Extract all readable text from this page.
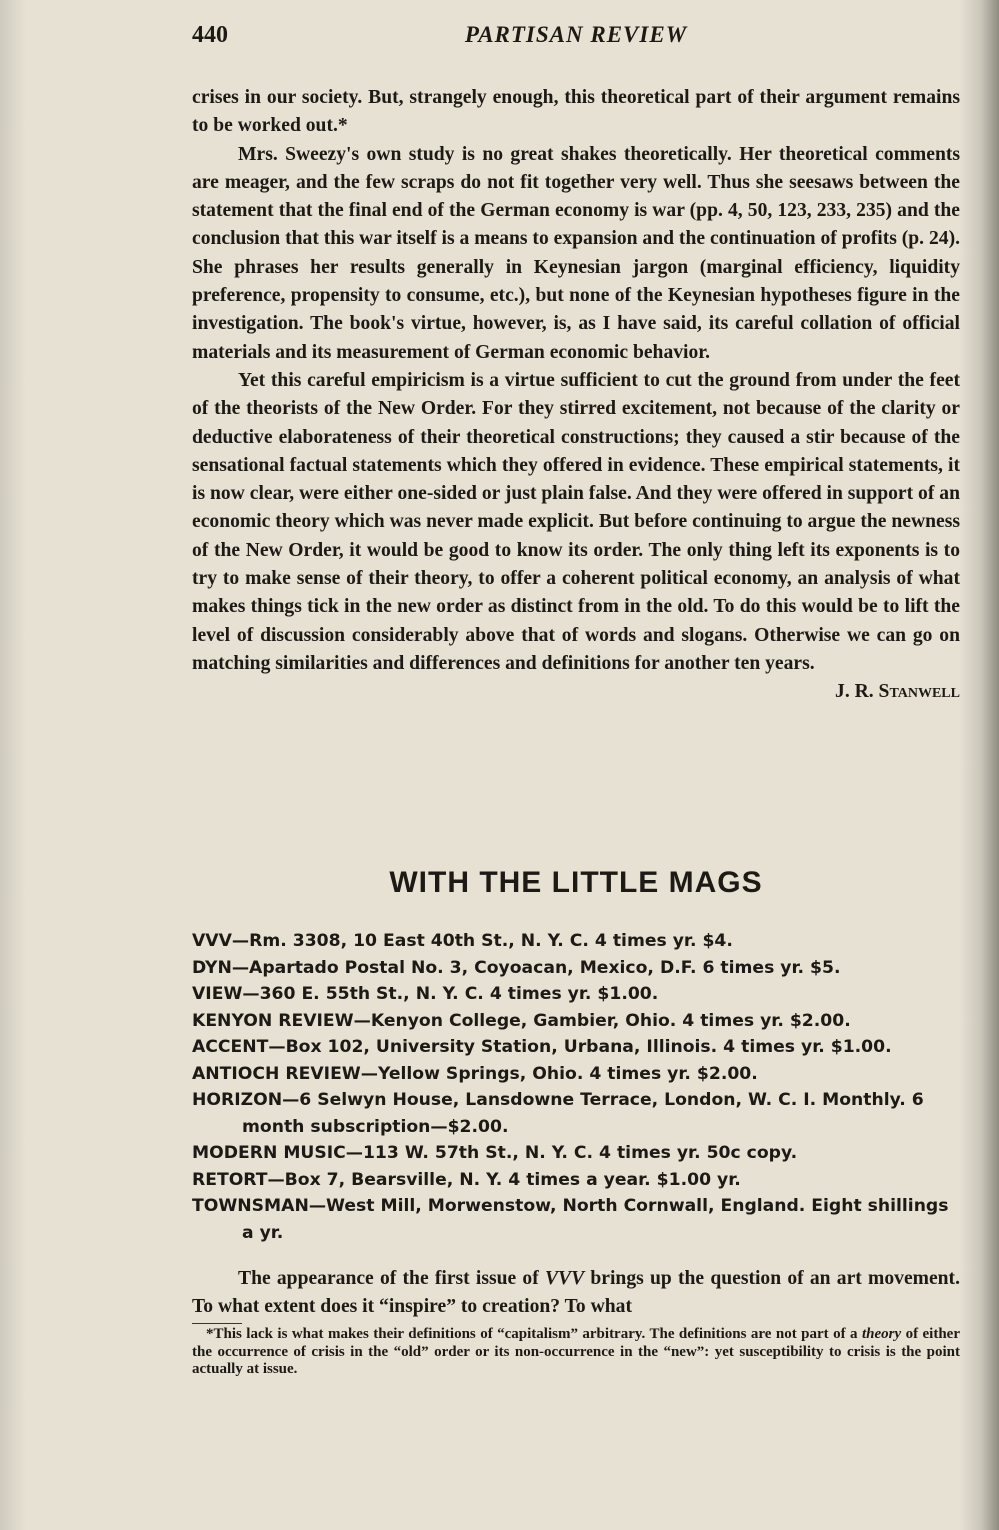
440	PARTISAN REVIEW

crises in our society. But, strangely enough, this theoretical part of their argument remains to be worked out.*

Mrs. Sweezy's own study is no great shakes theoretically. Her theoretical comments are meager, and the few scraps do not fit together very well. Thus she seesaws between the statement that the final end of the German economy is war (pp. 4, 50, 123, 233, 235) and the conclusion that this war itself is a means to expansion and the continuation of profits (p. 24). She phrases her results generally in Keynesian jargon (marginal efficiency, liquidity preference, propensity to consume, etc.), but none of the Keynesian hypotheses figure in the investigation. The book's virtue, however, is, as I have said, its careful collation of official materials and its measurement of German economic behavior.

Yet this careful empiricism is a virtue sufficient to cut the ground from under the feet of the theorists of the New Order. For they stirred excitement, not because of the clarity or deductive elaborateness of their theoretical constructions; they caused a stir because of the sensational factual statements which they offered in evidence. These empirical statements, it is now clear, were either one-sided or just plain false. And they were offered in support of an economic theory which was never made explicit. But before continuing to argue the newness of the New Order, it would be good to know its order. The only thing left its exponents is to try to make sense of their theory, to offer a coherent political economy, an analysis of what makes things tick in the new order as distinct from in the old. To do this would be to lift the level of discussion considerably above that of words and slogans. Otherwise we can go on matching similarities and differences and definitions for another ten years.

J. R. Stanwell

WITH THE LITTLE MAGS
VVV—Rm. 3308, 10 East 40th St., N. Y. C. 4 times yr. $4.
DYN—Apartado Postal No. 3, Coyoacan, Mexico, D.F. 6 times yr. $5.
VIEW—360 E. 55th St., N. Y. C. 4 times yr. $1.00.
KENYON REVIEW—Kenyon College, Gambier, Ohio. 4 times yr. $2.00.
ACCENT—Box 102, University Station, Urbana, Illinois. 4 times yr. $1.00.
ANTIOCH REVIEW—Yellow Springs, Ohio. 4 times yr. $2.00.
HORIZON—6 Selwyn House, Lansdowne Terrace, London, W. C. I. Monthly. 6 month subscription—$2.00.
MODERN MUSIC—113 W. 57th St., N. Y. C. 4 times yr. 50c copy.
RETORT—Box 7, Bearsville, N. Y. 4 times a year. $1.00 yr.
TOWNSMAN—West Mill, Morwenstow, North Cornwall, England. Eight shillings a yr.

The appearance of the first issue of VVV brings up the question of an art movement. To what extent does it “inspire” to creation? To what

*This lack is what makes their definitions of “capitalism” arbitrary. The definitions are not part of a theory of either the occurrence of crisis in the “old” order or its non-occurrence in the “new”: yet susceptibility to crisis is the point actually at issue.
